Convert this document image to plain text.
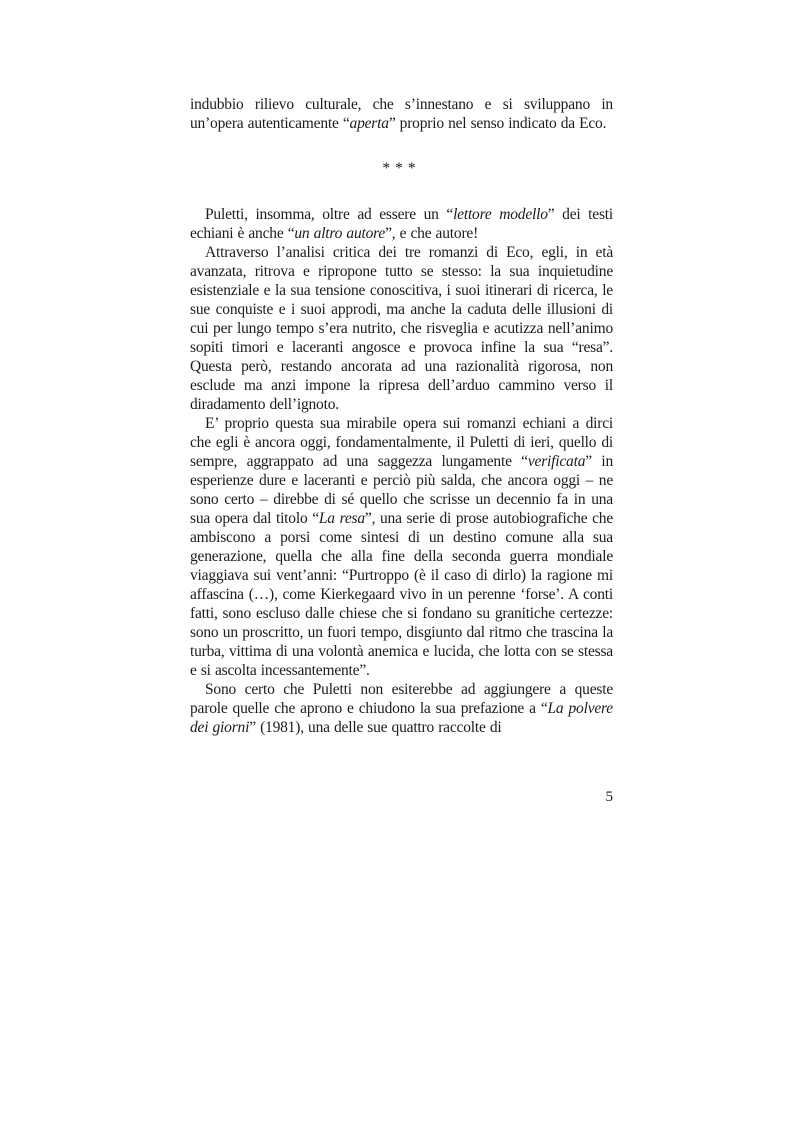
indubbio rilievo culturale, che s’innestano e si sviluppano in un’opera autenticamente “aperta” proprio nel senso indicato da Eco.

***

Puletti, insomma, oltre ad essere un “lettore modello” dei testi echiani è anche “un altro autore”, e che autore!

Attraverso l’analisi critica dei tre romanzi di Eco, egli, in età avanzata, ritrova e ripropone tutto se stesso: la sua inquietudine esistenziale e la sua tensione conoscitiva, i suoi itinerari di ricerca, le sue conquiste e i suoi approdi, ma anche la caduta delle illusioni di cui per lungo tempo s’era nutrito, che risveglia e acutizza nell’animo sopiti timori e laceranti angosce e provoca infine la sua “resa”. Questa però, restando ancorata ad una razionalità rigorosa, non esclude ma anzi impone la ripresa dell’arduo cammino verso il diradamento dell’ignoto.

E’ proprio questa sua mirabile opera sui romanzi echiani a dirci che egli è ancora oggi, fondamentalmente, il Puletti di ieri, quello di sempre, aggrappato ad una saggezza lungamente “verificata” in esperienze dure e laceranti e perciò più salda, che ancora oggi – ne sono certo – direbbe di sé quello che scrisse un decennio fa in una sua opera dal titolo “La resa”, una serie di prose autobiografiche che ambiscono a porsi come sintesi di un destino comune alla sua generazione, quella che alla fine della seconda guerra mondiale viaggiava sui vent’anni: “Purtroppo (è il caso di dirlo) la ragione mi affascina (…), come Kierkegaard vivo in un perenne ‘forse’. A conti fatti, sono escluso dalle chiese che si fondano su granitiche certezze: sono un proscritto, un fuori tempo, disgiunto dal ritmo che trascina la turba, vittima di una volontà anemica e lucida, che lotta con se stessa e si ascolta incessantemente”.

Sono certo che Puletti non esiterebbe ad aggiungere a queste parole quelle che aprono e chiudono la sua prefazione a “La polvere dei giorni” (1981), una delle sue quattro raccolte di

5
